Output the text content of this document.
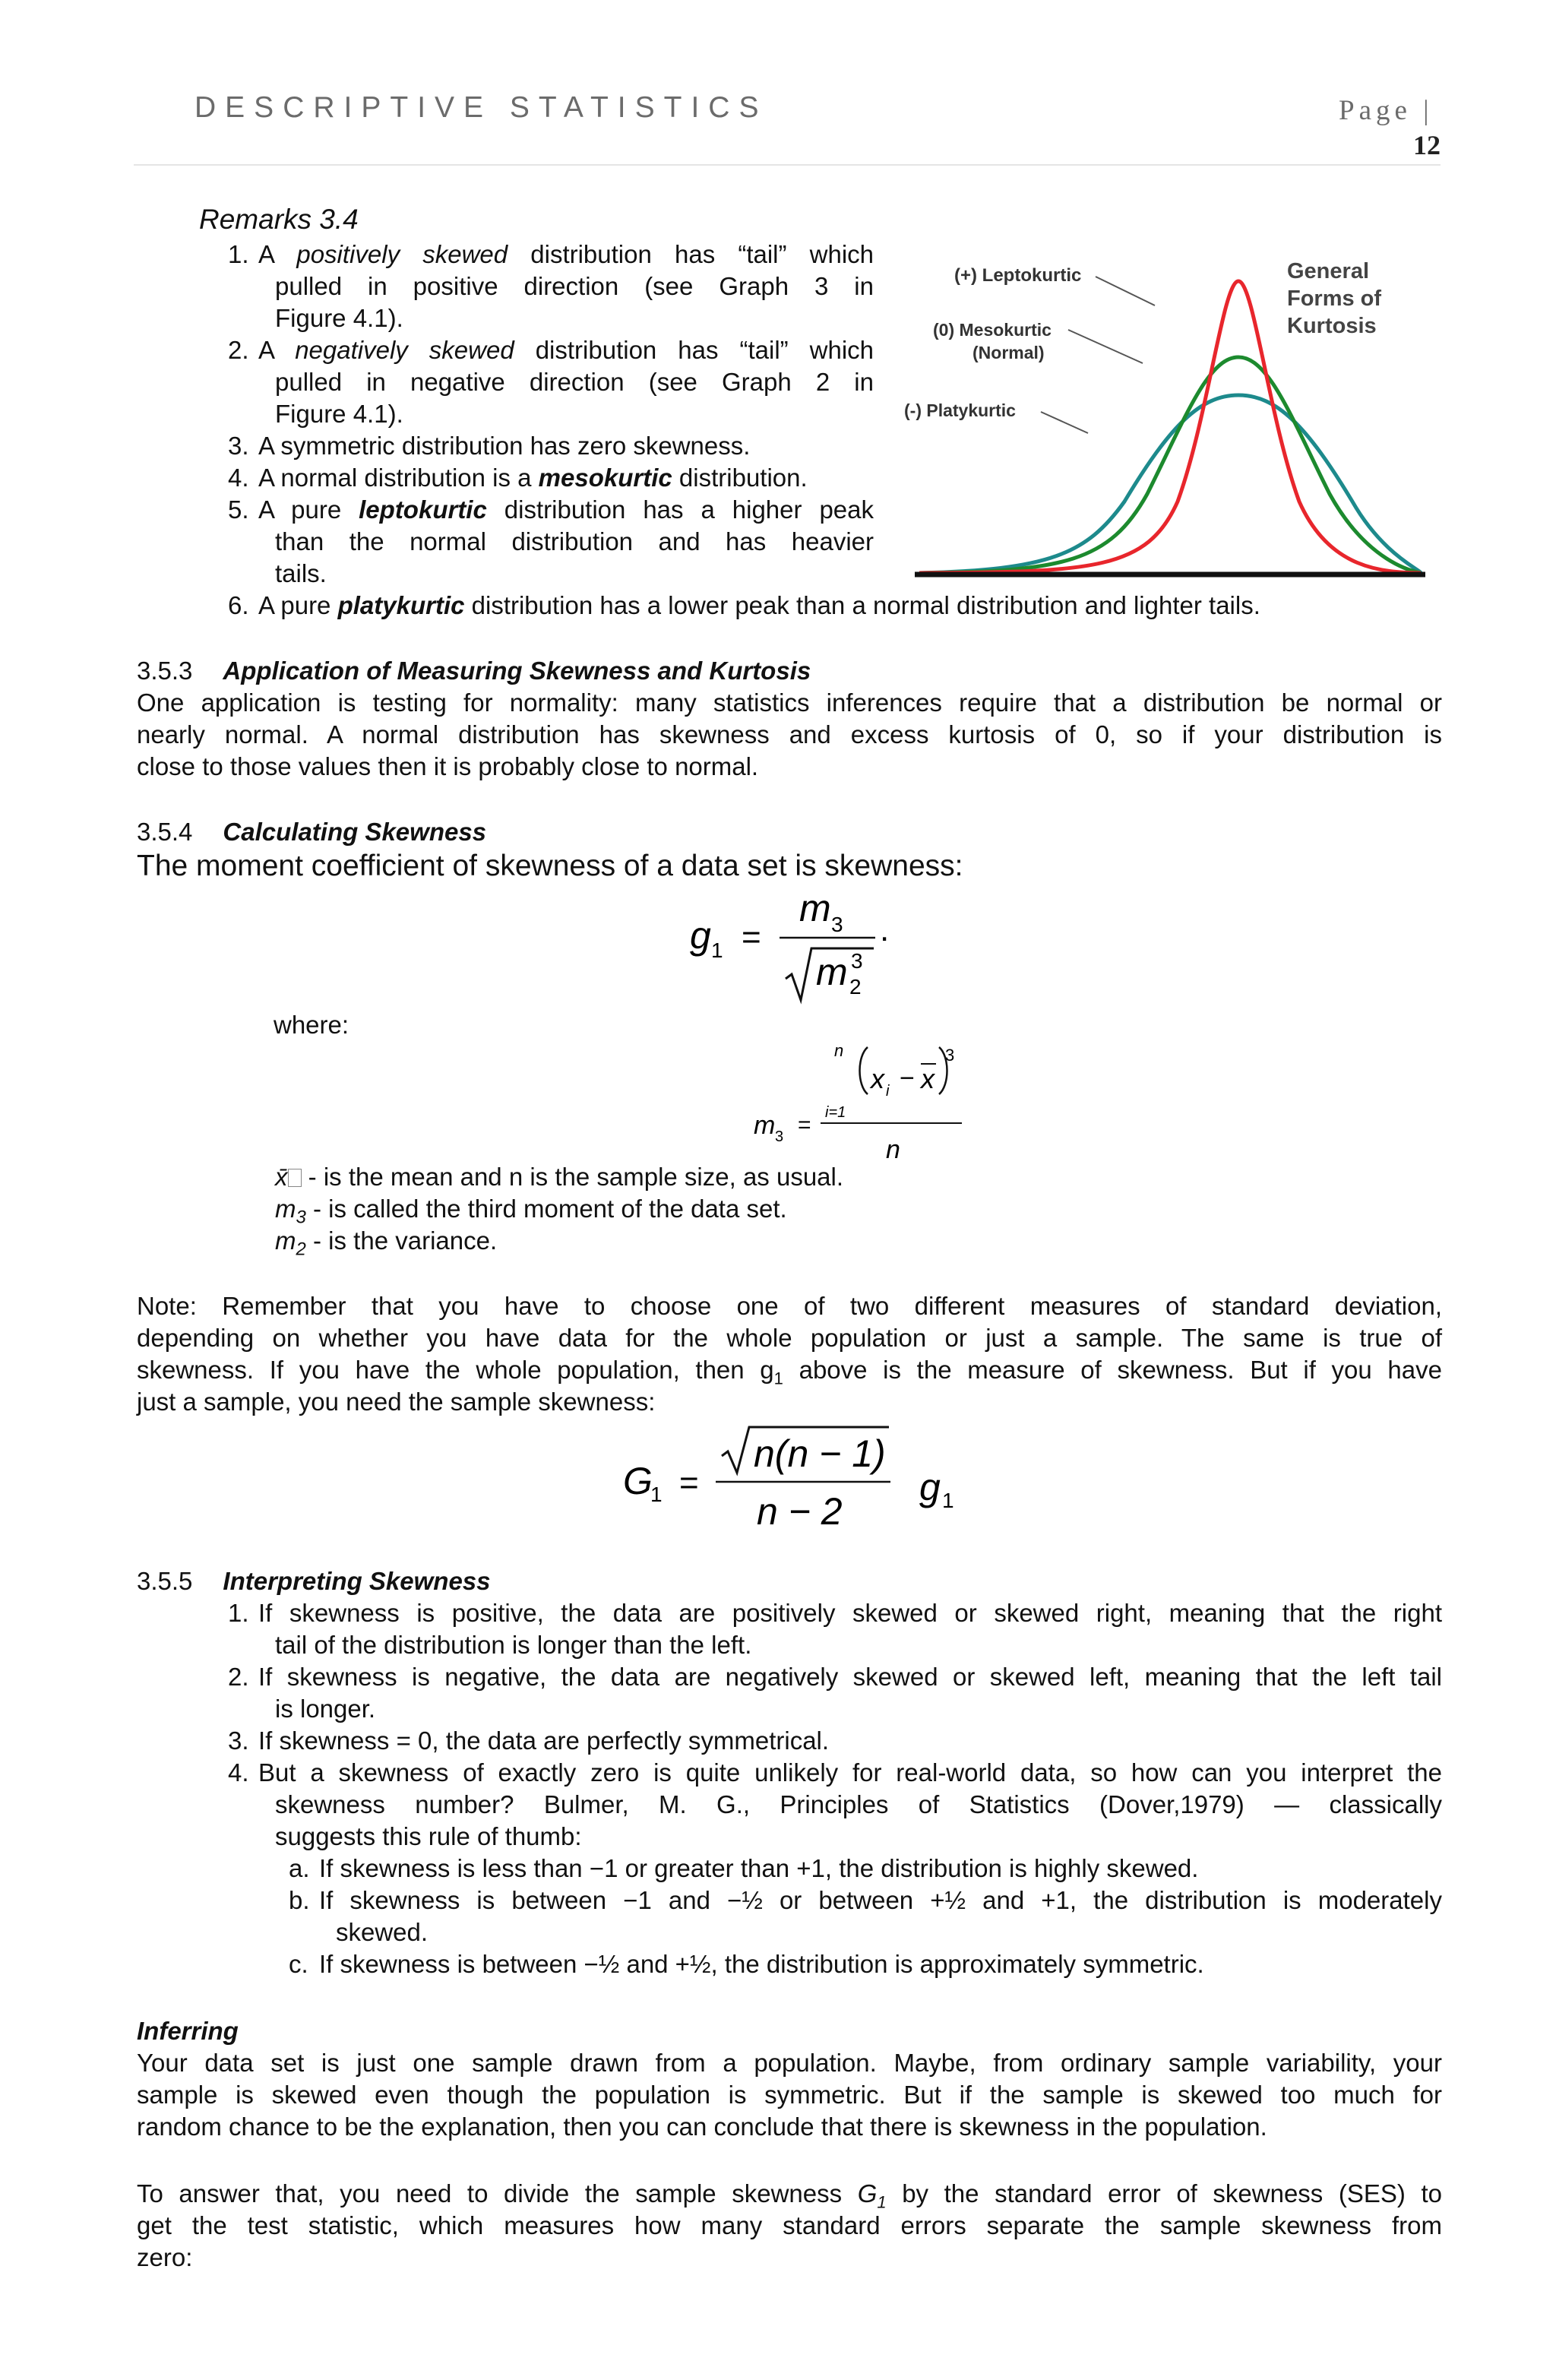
DESCRIPTIVE STATISTICS	Page |
12
Remarks 3.4
1. A positively skewed distribution has “tail” which
pulled in positive direction (see Graph 3 in
Figure 4.1).
2. A negatively skewed distribution has “tail” which
pulled in negative direction (see Graph 2 in
Figure 4.1).
3. A symmetric distribution has zero skewness.
4. A normal distribution is a mesokurtic distribution.
5. A pure leptokurtic distribution has a higher peak
than the normal distribution and has heavier
tails.
6. A pure platykurtic distribution has a lower peak than a normal distribution and lighter tails.
(+) Leptokurtic
(0) Mesokurtic
(Normal)
(-) Platykurtic
General
Forms of
Kurtosis
3.5.3 Application of Measuring Skewness and Kurtosis
One application is testing for normality: many statistics inferences require that a distribution be normal or
nearly normal. A normal distribution has skewness and excess kurtosis of 0, so if your distribution is
close to those values then it is probably close to normal.
3.5.4 Calculating Skewness
The moment coefficient of skewness of a data set is skewness:
g 1 =
m 3
m 2
3
.
where:
n
i=1
x i − x
3
m 3 =
n
x̄ - is the mean and n is the sample size, as usual.
$m_3$ - is called the third moment of the data set.
$m_2$ - is the variance.
Note: Remember that you have to choose one of two different measures of standard deviation,
depending on whether you have data for the whole population or just a sample. The same is true of
skewness. If you have the whole population, then $g_1$ above is the measure of skewness. But if you have
just a sample, you need the sample skewness:
G
1 =
n(n − 1)
n − 2
g 1
3.5.5 Interpreting Skewness
1. If skewness is positive, the data are positively skewed or skewed right, meaning that the right
tail of the distribution is longer than the left.
2. If skewness is negative, the data are negatively skewed or skewed left, meaning that the left tail
is longer.
3. If skewness = 0, the data are perfectly symmetrical.
4. But a skewness of exactly zero is quite unlikely for real-world data, so how can you interpret the
skewness number? Bulmer, M. G., Principles of Statistics (Dover,1979) — classically
suggests this rule of thumb:
a. If skewness is less than −1 or greater than +1, the distribution is highly skewed.
b. If skewness is between −1 and −½ or between +½ and +1, the distribution is moderately
skewed.
c. If skewness is between −½ and +½, the distribution is approximately symmetric.
Inferring
Your data set is just one sample drawn from a population. Maybe, from ordinary sample variability, your
sample is skewed even though the population is symmetric. But if the sample is skewed too much for
random chance to be the explanation, then you can conclude that there is skewness in the population.
To answer that, you need to divide the sample skewness $G_1$ by the standard error of skewness (SES) to
get the test statistic, which measures how many standard errors separate the sample skewness from
zero:
